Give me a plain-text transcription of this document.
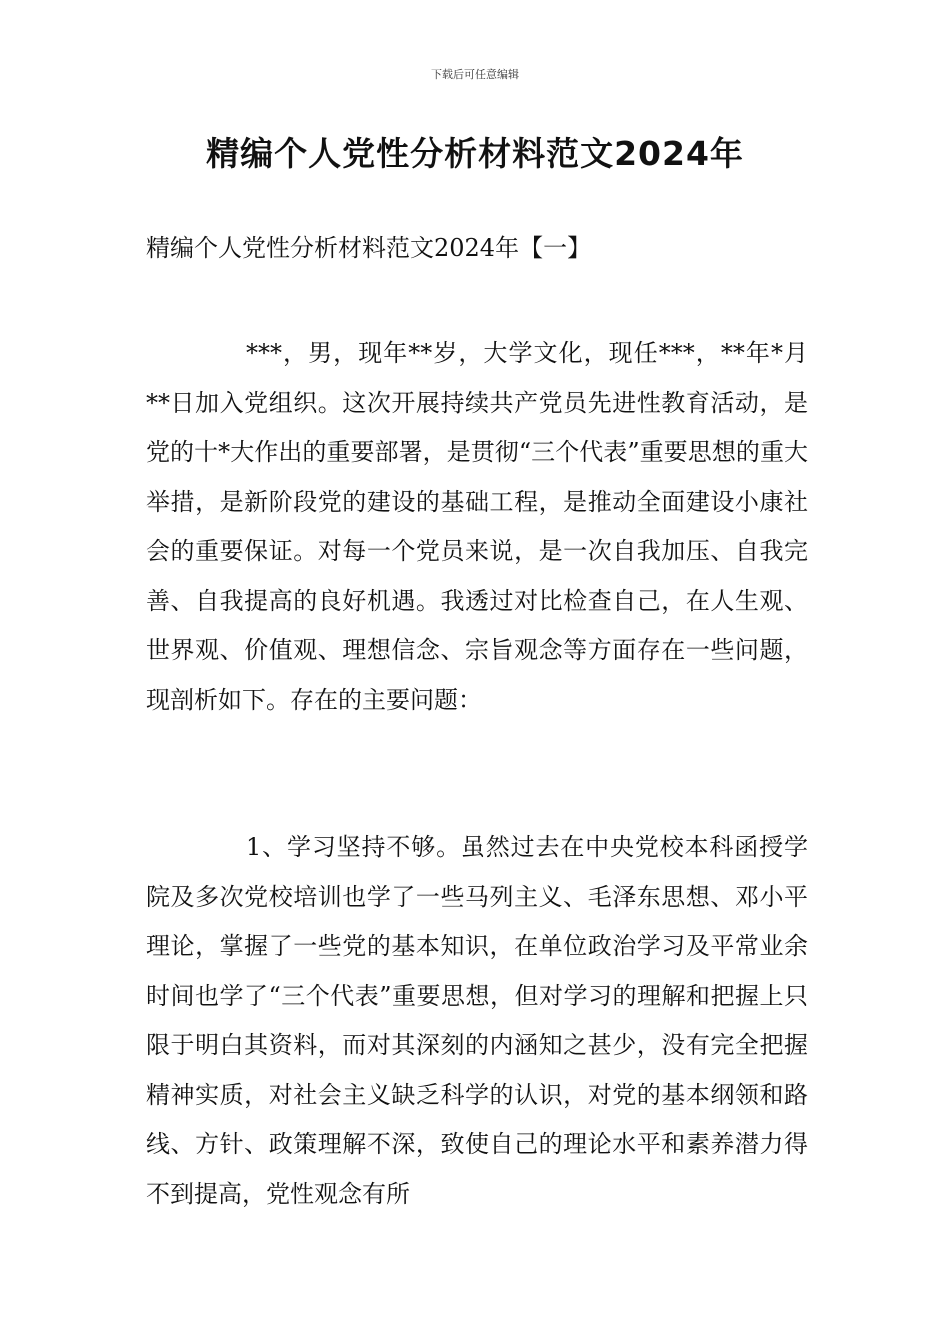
下载后可任意编辑
精编个人党性分析材料范文2024年

精编个人党性分析材料范文2024年【一】

***，男，现年**岁，大学文化，现任***，**年*月**日加入党组织。这次开展持续共产党员先进性教育活动，是党的十*大作出的重要部署，是贯彻“三个代表”重要思想的重大举措，是新阶段党的建设的基础工程，是推动全面建设小康社会的重要保证。对每一个党员来说，是一次自我加压、自我完善、自我提高的良好机遇。我透过对比检查自己，在人生观、世界观、价值观、理想信念、宗旨观念等方面存在一些问题，现剖析如下。存在的主要问题：

1、学习坚持不够。虽然过去在中央党校本科函授学院及多次党校培训也学了一些马列主义、毛泽东思想、邓小平理论，掌握了一些党的基本知识，在单位政治学习及平常业余时间也学了“三个代表”重要思想，但对学习的理解和把握上只限于明白其资料，而对其深刻的内涵知之甚少，没有完全把握精神实质，对社会主义缺乏科学的认识，对党的基本纲领和路线、方针、政策理解不深，致使自己的理论水平和素养潜力得不到提高，党性观念有所
